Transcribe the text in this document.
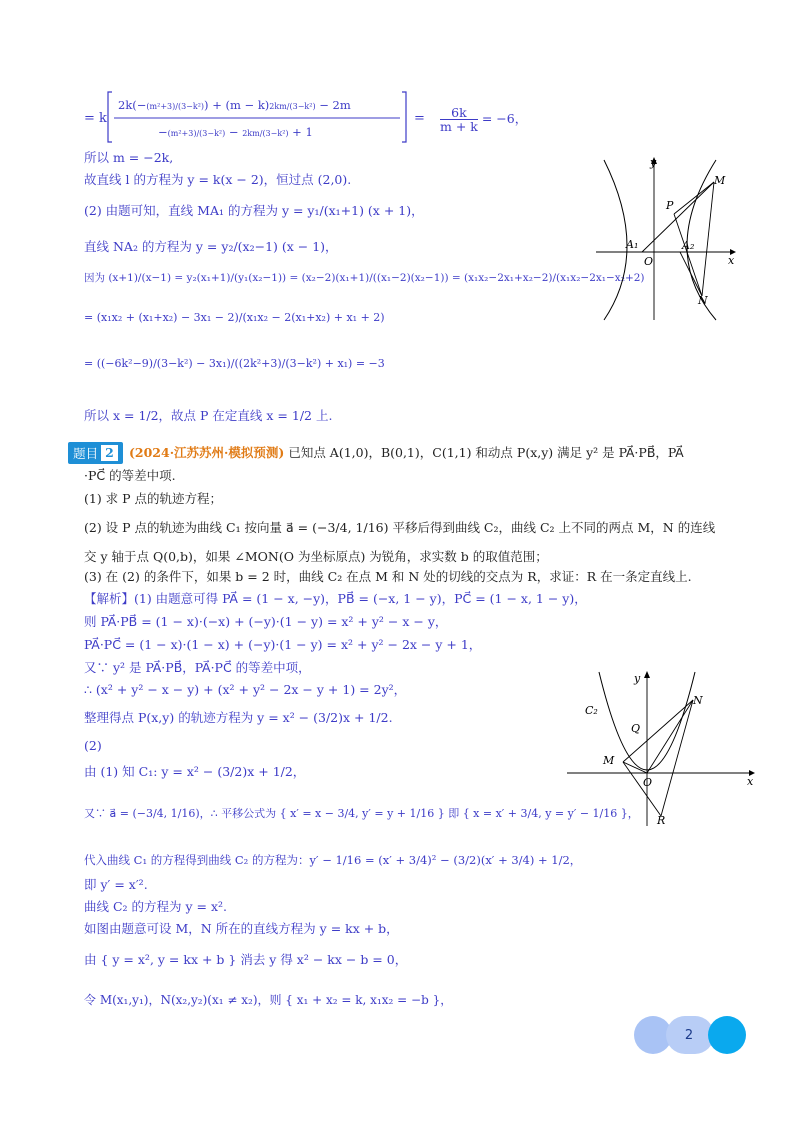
= k
2k(−(m²+3)/(3−k²)) + (m − k)2km/(3−k²) − 2m
−(m²+3)/(3−k²) − 2km/(3−k²) + 1
= $\frac{6k}{m + k} = -6$，
所以 m = −2k,
故直线 l 的方程为 y = k(x − 2)，恒过点 (2,0).
(2) 由题可知，直线 MA₁ 的方程为 y = y₁/(x₁+1) (x + 1)，
直线 NA₂ 的方程为 y = y₂/(x₂−1) (x − 1)，
因为 (x+1)/(x−1) = y₂(x₁+1)/(y₁(x₂−1)) = (x₂−2)(x₁+1)/((x₁−2)(x₂−1)) = (x₁x₂−2x₁+x₂−2)/(x₁x₂−2x₁−x₂+2)
= (x₁x₂ + (x₁+x₂) − 3x₁ − 2)/(x₁x₂ − 2(x₁+x₂) + x₁ + 2)
= ((−6k²−9)/(3−k²) − 3x₁)/((2k²+3)/(3−k²) + x₁) = −3
所以 x = 1/2，故点 P 在定直线 x = 1/2 上.
y
x
M
P
A₁
O
A₂
N
题目 2	(2024·江苏苏州·模拟预测) 已知点 A(1,0)，B(0,1)，C(1,1) 和动点 P(x,y) 满足 y² 是 PA⃗·PB⃗，PA⃗
·PC⃗ 的等差中项.
(1) 求 P 点的轨迹方程；
(2) 设 P 点的轨迹为曲线 C₁ 按向量 a⃗ = (−3/4, 1/16) 平移后得到曲线 C₂，曲线 C₂ 上不同的两点 M，N 的连线
交 y 轴于点 Q(0,b)，如果 ∠MON(O 为坐标原点) 为锐角，求实数 b 的取值范围；
(3) 在 (2) 的条件下，如果 b = 2 时，曲线 C₂ 在点 M 和 N 处的切线的交点为 R，求证：R 在一条定直线上.
【解析】(1) 由题意可得 PA⃗ = (1 − x, −y)，PB⃗ = (−x, 1 − y)，PC⃗ = (1 − x, 1 − y)，
则 PA⃗·PB⃗ = (1 − x)·(−x) + (−y)·(1 − y) = x² + y² − x − y，
PA⃗·PC⃗ = (1 − x)·(1 − x) + (−y)·(1 − y) = x² + y² − 2x − y + 1，
又∵ y² 是 PA⃗·PB⃗，PA⃗·PC⃗ 的等差中项，
∴ (x² + y² − x − y) + (x² + y² − 2x − y + 1) = 2y²，
整理得点 P(x,y) 的轨迹方程为 y = x² − (3/2)x + 1/2.
(2)
由 (1) 知 C₁: y = x² − (3/2)x + 1/2，
又∵ a⃗ = (−3/4, 1/16)，∴ 平移公式为 { x′ = x − 3/4, y′ = y + 1/16 } 即 { x = x′ + 3/4, y = y′ − 1/16 }，
代入曲线 C₁ 的方程得到曲线 C₂ 的方程为：y′ − 1/16 = (x′ + 3/4)² − (3/2)(x′ + 3/4) + 1/2，
即 y′ = x′².
曲线 C₂ 的方程为 y = x².
如图由题意可设 M，N 所在的直线方程为 y = kx + b，
由 { y = x², y = kx + b } 消去 y 得 x² − kx − b = 0，
令 M(x₁,y₁)，N(x₂,y₂)(x₁ ≠ x₂)，则 { x₁ + x₂ = k, x₁x₂ = −b }，
y
x
N
C₂
Q
M
O
R
2
